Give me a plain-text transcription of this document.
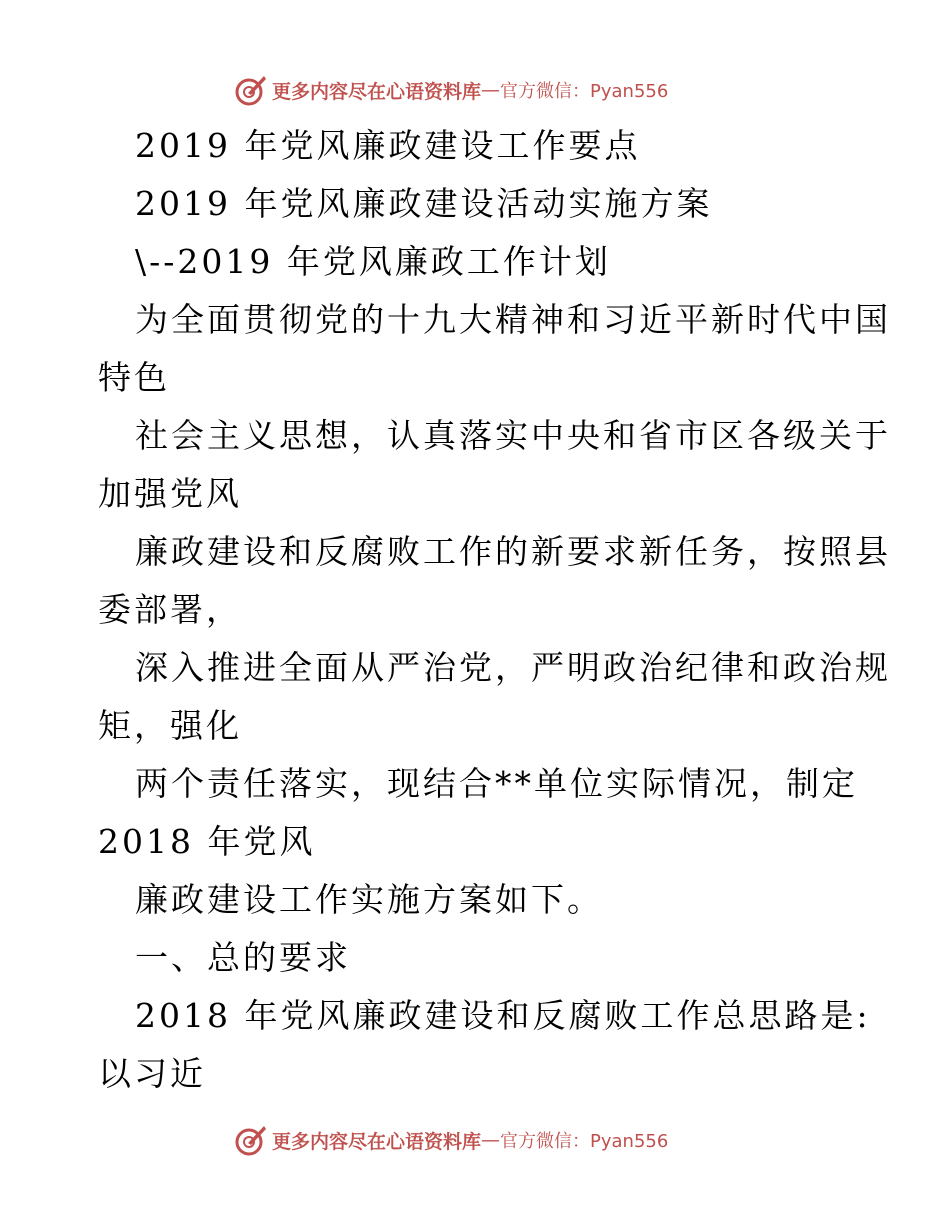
更多内容尽在心语资料库 — 官方微信：Pyan556
2019 年党风廉政建设工作要点
2019 年党风廉政建设活动实施方案
\--2019 年党风廉政工作计划
为全面贯彻党的十九大精神和习近平新时代中国
特色
社会主义思想，认真落实中央和省市区各级关于
加强党风
廉政建设和反腐败工作的新要求新任务，按照县
委部署，
深入推进全面从严治党，严明政治纪律和政治规
矩，强化
两个责任落实，现结合**单位实际情况，制定
2018 年党风
廉政建设工作实施方案如下。
一、总的要求
2018 年党风廉政建设和反腐败工作总思路是:
以习近
更多内容尽在心语资料库 — 官方微信：Pyan556
